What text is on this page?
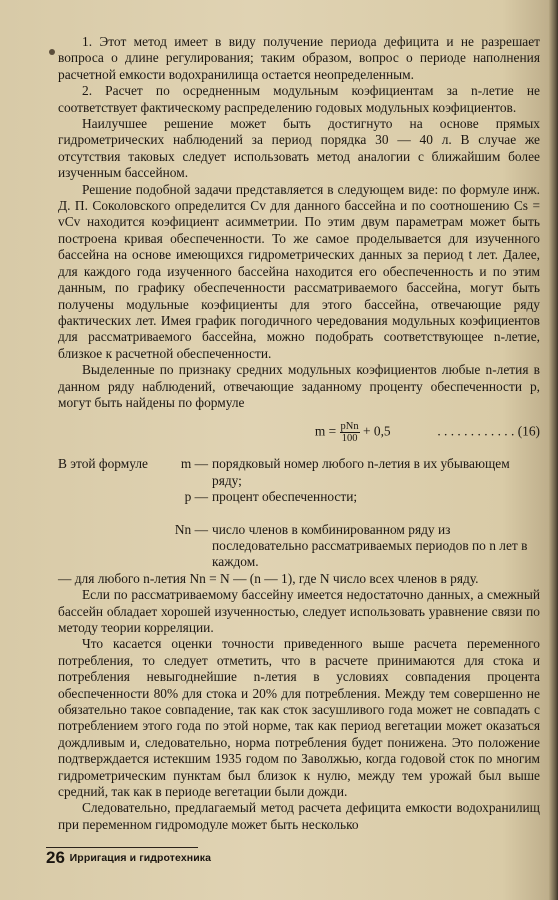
1. Этот метод имеет в виду получение периода дефицита и не разрешает вопроса о длине регулирования; таким образом, вопрос о периоде наполнения расчетной емкости водохранилища остается неопределенным.

2. Расчет по осредненным модульным коэфициентам за n-летие не соответствует фактическому распределению годовых модульных коэфициентов.

Наилучшее решение может быть достигнуто на основе прямых гидрометрических наблюдений за период порядка 30 — 40 л. В случае же отсутствия таковых следует использовать метод аналогии с ближайшим более изученным бассейном.

Решение подобной задачи представляется в следующем виде: по формуле инж. Д. П. Соколовского определится Cv для данного бассейна и по соотношению Cs = vCv находится коэфициент асимметрии. По этим двум параметрам может быть построена кривая обеспеченности. То же самое проделывается для изученного бассейна на основе имеющихся гидрометрических данных за период t лет. Далее, для каждого года изученного бассейна находится его обеспеченность и по этим данным, по графику обеспеченности рассматриваемого бассейна, могут быть получены модульные коэфициенты для этого бассейна, отвечающие ряду фактических лет. Имея график погодичного чередования модульных коэфициентов для рассматриваемого бассейна, можно подобрать соответствующее n-летие, близкое к расчетной обеспеченности.

Выделенные по признаку средних модульных коэфициентов любые n-летия в данном ряду наблюдений, отвечающие заданному проценту обеспеченности p, могут быть найдены по формуле

$m = \frac{\text{pNn}}{100} + 0,5$	. . . . . . . . . . . . (16)
В этой формуле	m — порядковый номер любого n-летия в их убывающем ряду;
p — процент обеспеченности;
Nn — число членов в комбинированном ряду из последовательно рассматриваемых периодов по n лет в каждом.

— для любого n-летия Nn = N — (n — 1), где N число всех членов в ряду.

Если по рассматриваемому бассейну имеется недостаточно данных, а смежный бассейн обладает хорошей изученностью, следует использовать уравнение связи по методу теории корреляции.

Что касается оценки точности приведенного выше расчета переменного потребления, то следует отметить, что в расчете принимаются для стока и потребления невыгоднейшие n-летия в условиях совпадения процента обеспеченности 80% для стока и 20% для потребления. Между тем совершенно не обязательно такое совпадение, так как сток засушливого года может не совпадать с потреблением этого года по этой норме, так как период вегетации может оказаться дождливым и, следовательно, норма потребления будет понижена. Это положение подтверждается истекшим 1935 годом по Заволжью, когда годовой сток по многим гидрометрическим пунктам был близок к нулю, между тем урожай был выше средний, так как в периоде вегетации были дожди.

Следовательно, предлагаемый метод расчета дефицита емкости водохранилищ при переменном гидромодуле может быть несколько

26 Ирригация и гидротехника
